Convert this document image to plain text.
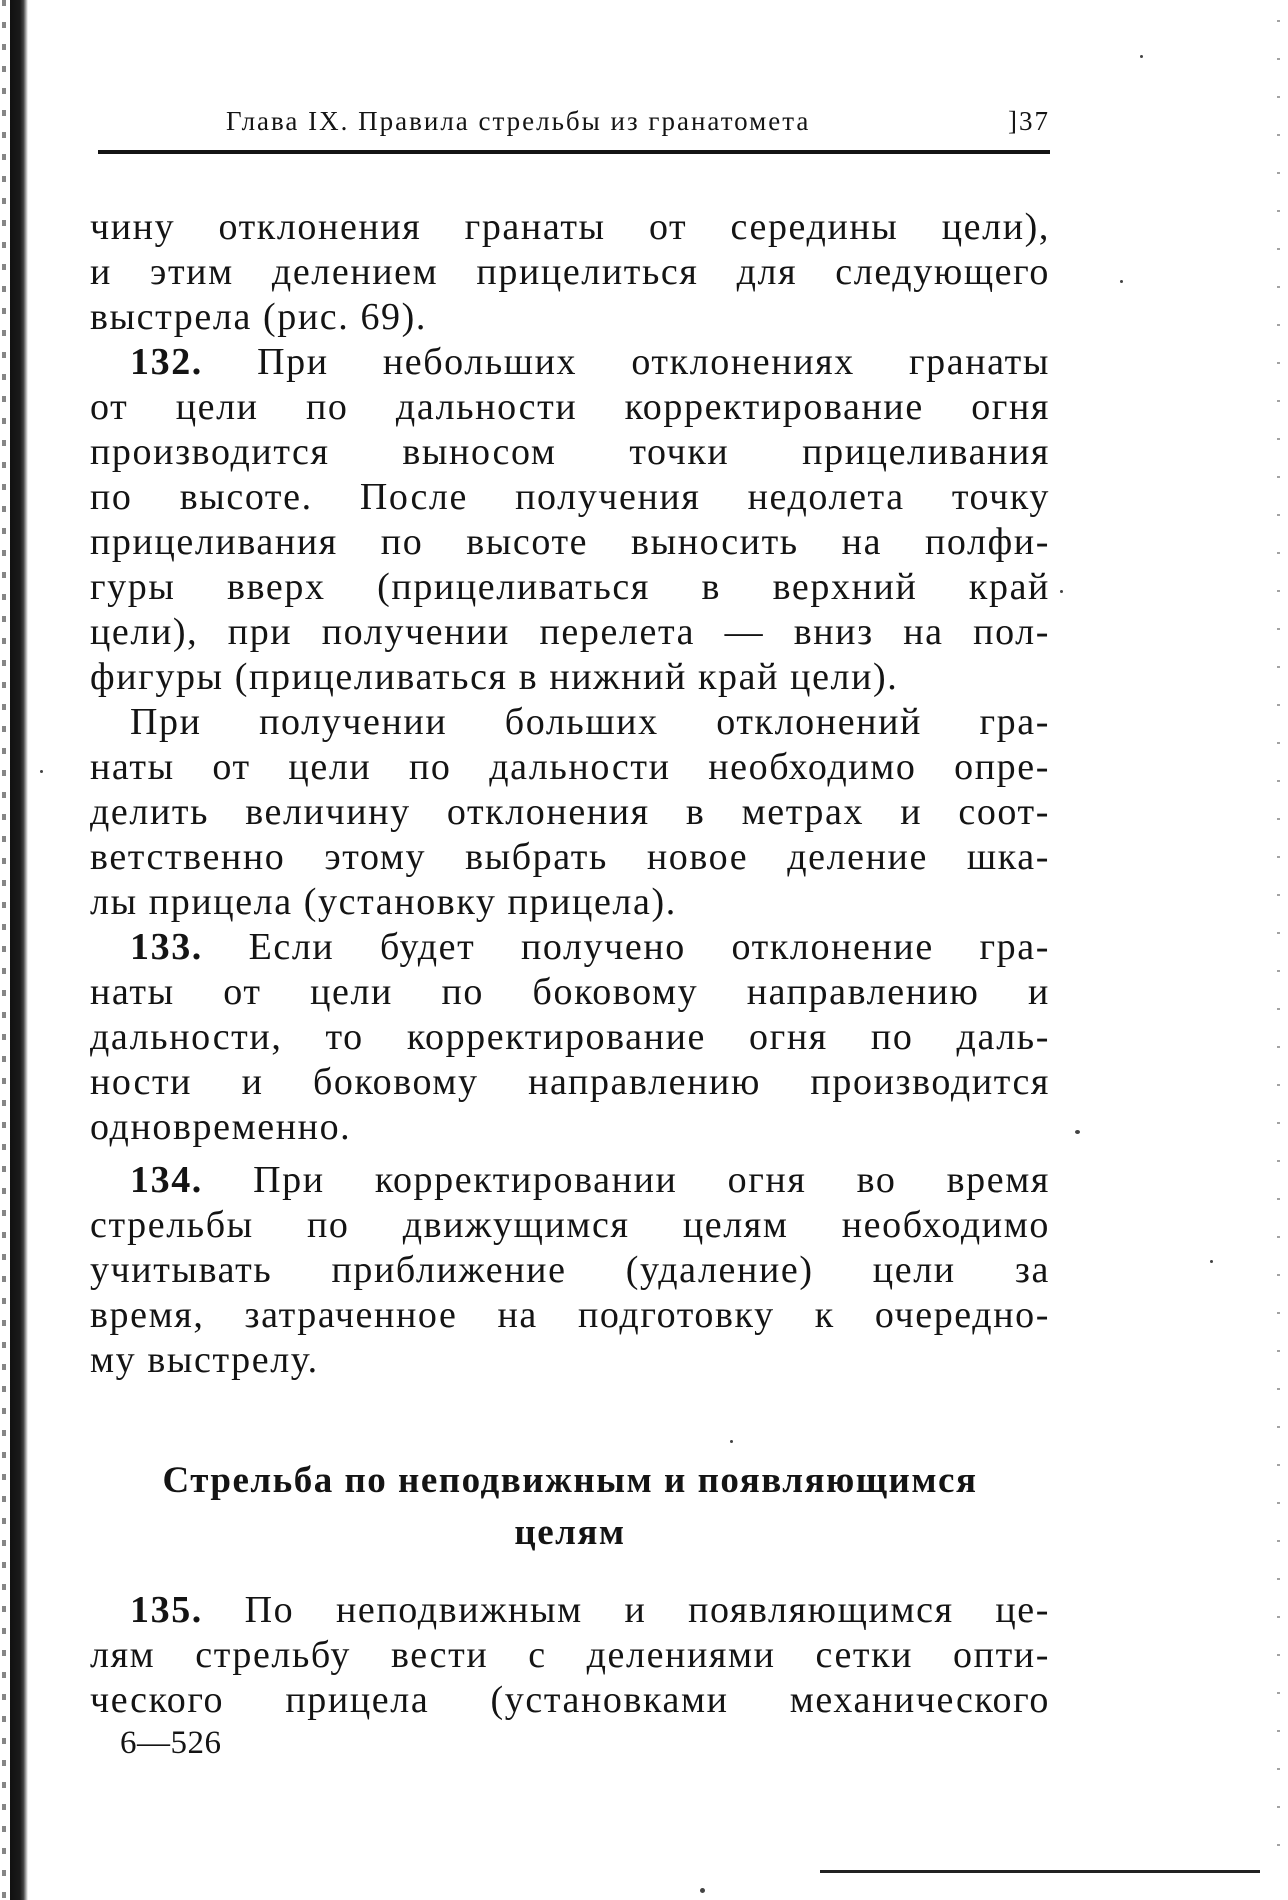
Глава IX. Правила стрельбы из гранатомета	]37
чину отклонения гранаты от середины цели),
и этим делением прицелиться для следующего
выстрела (рис. 69).
132. При небольших отклонениях гранаты
от цели по дальности корректирование огня
производится выносом точки прицеливания
по высоте. После получения недолета точку
прицеливания по высоте выносить на полфи-
гуры вверх (прицеливаться в верхний край
цели), при получении перелета — вниз на пол-
фигуры (прицеливаться в нижний край цели).
При получении больших отклонений гра-
наты от цели по дальности необходимо опре-
делить величину отклонения в метрах и соот-
ветственно этому выбрать новое деление шка-
лы прицела (установку прицела).
133. Если будет получено отклонение гра-
наты от цели по боковому направлению и
дальности, то корректирование огня по даль-
ности и боковому направлению производится
одновременно.
134. При корректировании огня во время
стрельбы по движущимся целям необходимо
учитывать приближение (удаление) цели за
время, затраченное на подготовку к очередно-
му выстрелу.
Стрельба по неподвижным и появляющимся
целям
135. По неподвижным и появляющимся це-
лям стрельбу вести с делениями сетки опти-
ческого прицела (установками механического
6—526
